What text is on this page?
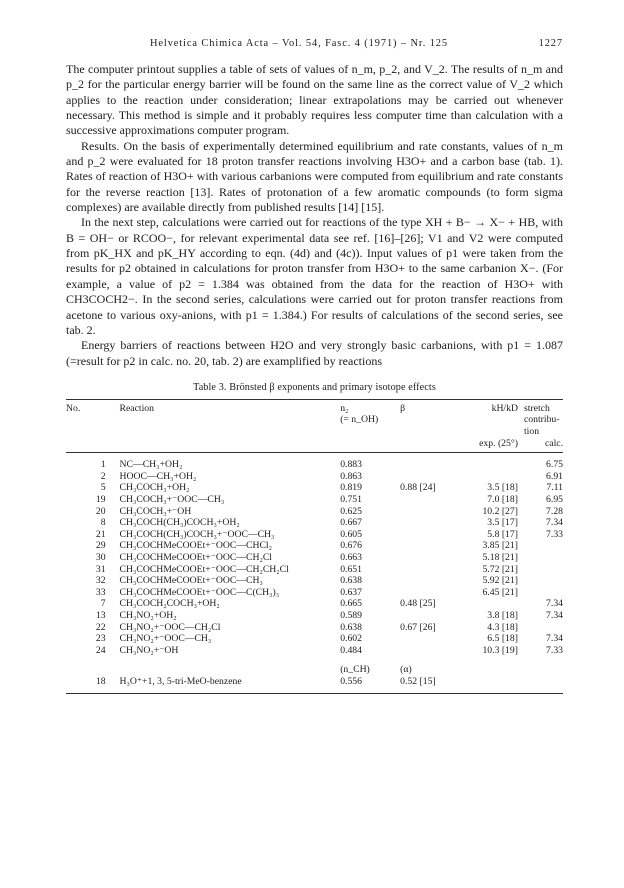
Helvetica Chimica Acta – Vol. 54, Fasc. 4 (1971) – Nr. 125	1227

The computer printout supplies a table of sets of values of n_m, p_2, and V_2. The results of n_m and p_2 for the particular energy barrier will be found on the same line as the correct value of V_2 which applies to the reaction under consideration; linear extrapolations may be carried out whenever necessary. This method is simple and it probably requires less computer time than calculation with a successive approximations computer program.

Results. On the basis of experimentally determined equilibrium and rate constants, values of n_m and p_2 were evaluated for 18 proton transfer reactions involving H3O+ and a carbon base (tab. 1). Rates of reaction of H3O+ with various carbanions were computed from equilibrium and rate constants for the reverse reaction [13]. Rates of protonation of a few aromatic compounds (to form sigma complexes) are available directly from published results [14] [15].

In the next step, calculations were carried out for reactions of the type XH + B− → X− + HB, with B = OH− or RCOO−, for relevant experimental data see ref. [16]–[26]; V1 and V2 were computed from pK_HX and pK_HY according to eqn. (4d) and (4c)). Input values of p1 were taken from the results for p2 obtained in calculations for proton transfer from H3O+ to the same carbanion X−. (For example, a value of p2 = 1.384 was obtained from the data for the reaction of H3O+ with CH3COCH2−. In the second series, calculations were carried out for proton transfer reactions from acetone to various oxy-anions, with p1 = 1.384.) For results of calculations of the second series, see tab. 2.

Energy barriers of reactions between H2O and very strongly basic carbanions, with p1 = 1.087 (=result for p2 in calc. no. 20, tab. 2) are examplified by reactions

Table 3. Brönsted β exponents and primary isotope effects
No.	Reaction	n₂
(= n_OH)	β	kH/kD	stretch contribu- tion
				exp. (25°)	calc.
1	NC—CH₃+OH₂	0.883			6.75
2	HOOC—CH₃+OH₂	0.863			6.91
5	CH₃COCH₃+OH₂	0.819	0.88 [24]	3.5 [18]	7.11
19	CH₃COCH₃+⁻OOC—CH₃	0.751		7.0 [18]	6.95
20	CH₃COCH₃+⁻OH	0.625		10.2 [27]	7.28
8	CH₃COCH(CH₃)COCH₃+OH₂	0.667		3.5 [17]	7.34
21	CH₃COCH(CH₃)COCH₃+⁻OOC—CH₃	0.605		5.8 [17]	7.33
29	CH₃COCHMeCOOEt+⁻OOC—CHCl₂	0.676		3.85 [21]	
30	CH₃COCHMeCOOEt+⁻OOC—CH₂Cl	0.663		5.18 [21]	
31	CH₃COCHMeCOOEt+⁻OOC—CH₂CH₂Cl	0.651		5.72 [21]	
32	CH₃COCHMeCOOEt+⁻OOC—CH₃	0.638		5.92 [21]	
33	CH₃COCHMeCOOEt+⁻OOC—C(CH₃)₃	0.637		6.45 [21]	
7	CH₃COCH₂COCH₃+OH₂	0.665	0.48 [25]		7.34
13	CH₃NO₂+OH₂	0.589		3.8 [18]	7.34
22	CH₃NO₂+⁻OOC—CH₂Cl	0.638	0.67 [26]	4.3 [18]	
23	CH₃NO₂+⁻OOC—CH₃	0.602		6.5 [18]	7.34
24	CH₃NO₂+⁻OH	0.484		10.3 [19]	7.33
		(n_CH)	(α)		
18	H₃O⁺+1, 3, 5-tri-MeO-benzene	0.556	0.52 [15]		
